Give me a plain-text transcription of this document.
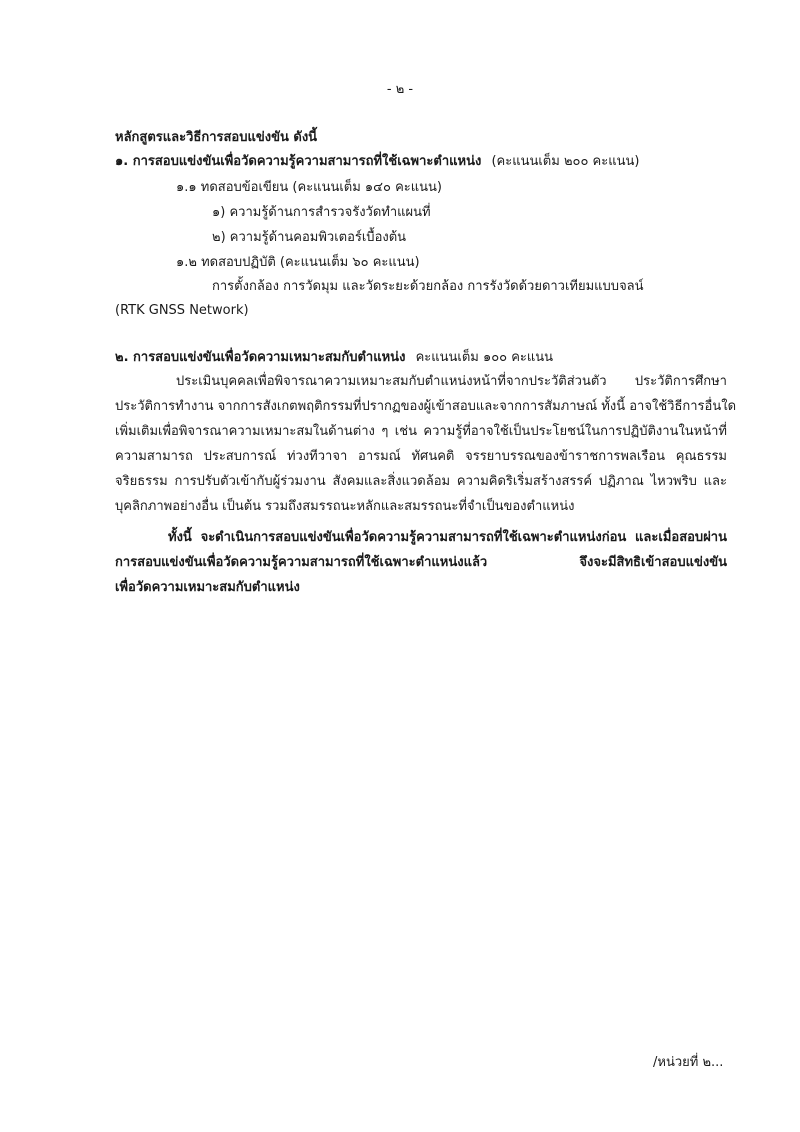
- ๒ -
หลักสูตรและวิธีการสอบแข่งขัน ดังนี้
๑. การสอบแข่งขันเพื่อวัดความรู้ความสามารถที่ใช้เฉพาะตำแหน่ง (คะแนนเต็ม ๒๐๐ คะแนน)
๑.๑ ทดสอบข้อเขียน (คะแนนเต็ม ๑๔๐ คะแนน)
๑) ความรู้ด้านการสำรวจรังวัดทำแผนที่
๒) ความรู้ด้านคอมพิวเตอร์เบื้องต้น
๑.๒ ทดสอบปฏิบัติ (คะแนนเต็ม ๖๐ คะแนน)
การตั้งกล้อง การวัดมุม และวัดระยะด้วยกล้อง การรังวัดด้วยดาวเทียมแบบจลน์
(RTK GNSS Network)
๒. การสอบแข่งขันเพื่อวัดความเหมาะสมกับตำแหน่ง คะแนนเต็ม ๑๐๐ คะแนน
ประเมินบุคคลเพื่อพิจารณาความเหมาะสมกับตำแหน่งหน้าที่จากประวัติส่วนตัว ประวัติการศึกษา
ประวัติการทำงาน จากการสังเกตพฤติกรรมที่ปรากฏของผู้เข้าสอบและจากการสัมภาษณ์ ทั้งนี้ อาจใช้วิธีการอื่นใด
เพิ่มเติมเพื่อพิจารณาความเหมาะสมในด้านต่าง ๆ เช่น ความรู้ที่อาจใช้เป็นประโยชน์ในการปฏิบัติงานในหน้าที่
ความสามารถ ประสบการณ์ ท่วงทีวาจา อารมณ์ ทัศนคติ จรรยาบรรณของข้าราชการพลเรือน คุณธรรม
จริยธรรม การปรับตัวเข้ากับผู้ร่วมงาน สังคมและสิ่งแวดล้อม ความคิดริเริ่มสร้างสรรค์ ปฏิภาณ ไหวพริบ และ
บุคลิกภาพอย่างอื่น เป็นต้น รวมถึงสมรรถนะหลักและสมรรถนะที่จำเป็นของตำแหน่ง
ทั้งนี้ จะดำเนินการสอบแข่งขันเพื่อวัดความรู้ความสามารถที่ใช้เฉพาะตำแหน่งก่อน และเมื่อสอบผ่าน
การสอบแข่งขันเพื่อวัดความรู้ความสามารถที่ใช้เฉพาะตำแหน่งแล้ว จึงจะมีสิทธิเข้าสอบแข่งขัน
เพื่อวัดความเหมาะสมกับตำแหน่ง
/หน่วยที่ ๒...
